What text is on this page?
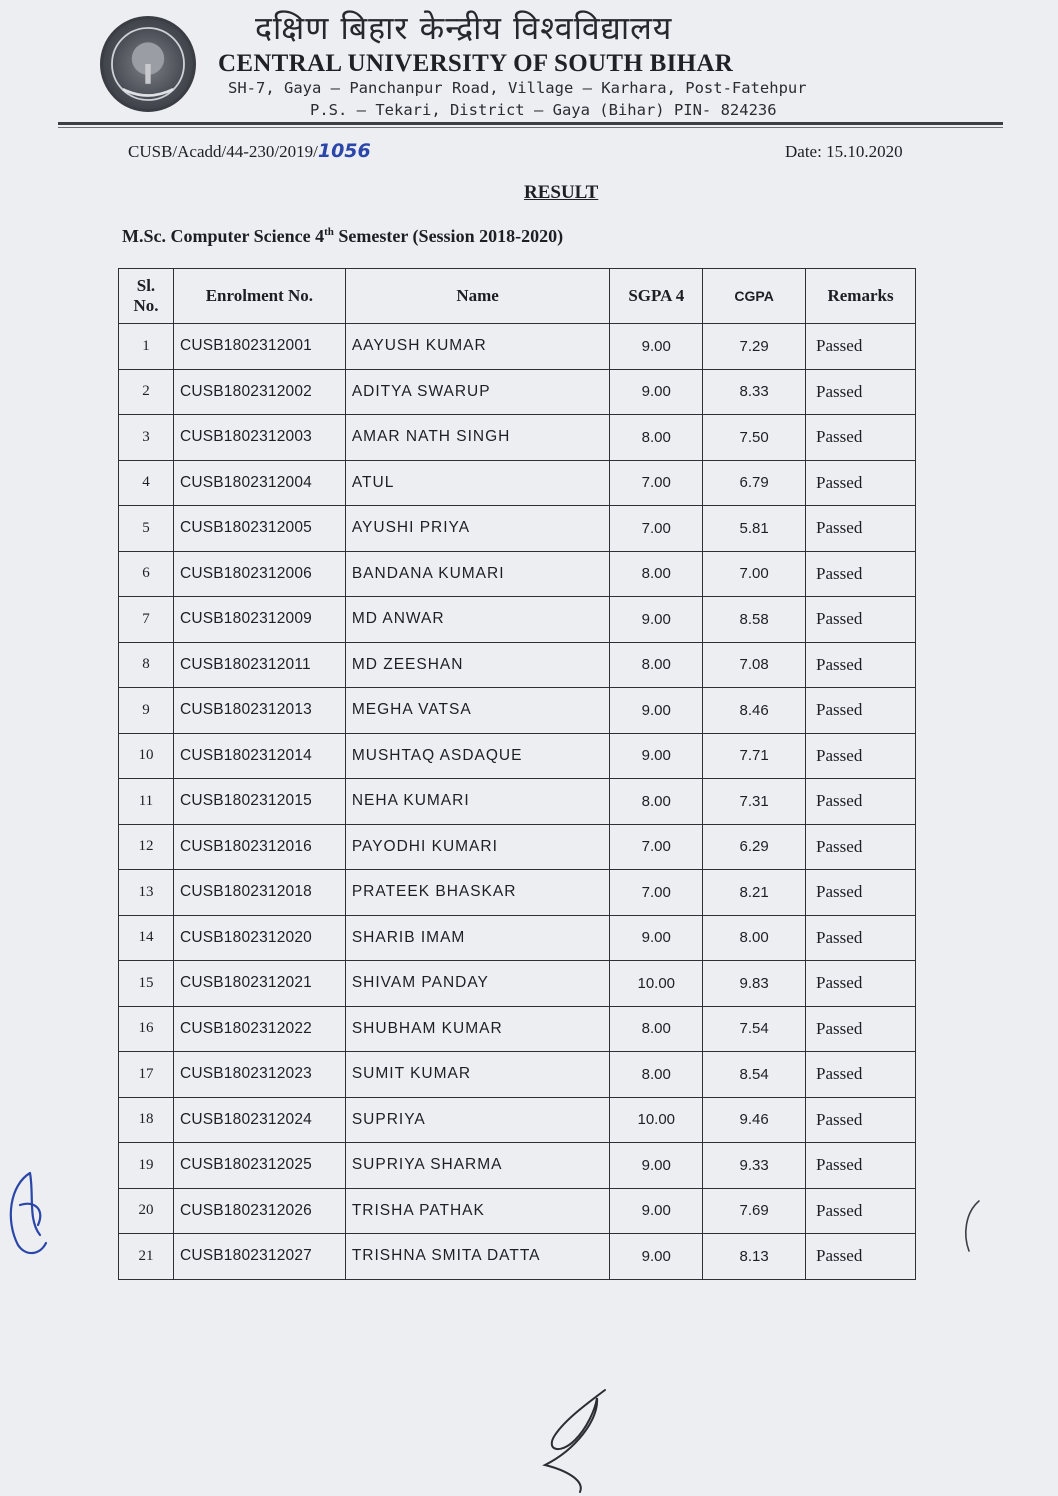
दक्षिण बिहार केन्द्रीय विश्वविद्यालय
CENTRAL UNIVERSITY OF SOUTH BIHAR
SH-7, Gaya – Panchanpur Road, Village – Karhara, Post-Fatehpur
P.S. – Tekari, District – Gaya (Bihar) PIN- 824236
CUSB/Acadd/44-230/2019/1056	Date: 15.10.2020
RESULT
M.Sc. Computer Science 4th Semester (Session 2018-2020)
Sl.
No.	Enrolment No.	Name	SGPA 4	CGPA	Remarks
1	CUSB1802312001	AAYUSH KUMAR	9.00	7.29	Passed
2	CUSB1802312002	ADITYA SWARUP	9.00	8.33	Passed
3	CUSB1802312003	AMAR NATH SINGH	8.00	7.50	Passed
4	CUSB1802312004	ATUL	7.00	6.79	Passed
5	CUSB1802312005	AYUSHI PRIYA	7.00	5.81	Passed
6	CUSB1802312006	BANDANA KUMARI	8.00	7.00	Passed
7	CUSB1802312009	MD ANWAR	9.00	8.58	Passed
8	CUSB1802312011	MD ZEESHAN	8.00	7.08	Passed
9	CUSB1802312013	MEGHA VATSA	9.00	8.46	Passed
10	CUSB1802312014	MUSHTAQ ASDAQUE	9.00	7.71	Passed
11	CUSB1802312015	NEHA KUMARI	8.00	7.31	Passed
12	CUSB1802312016	PAYODHI KUMARI	7.00	6.29	Passed
13	CUSB1802312018	PRATEEK BHASKAR	7.00	8.21	Passed
14	CUSB1802312020	SHARIB IMAM	9.00	8.00	Passed
15	CUSB1802312021	SHIVAM PANDAY	10.00	9.83	Passed
16	CUSB1802312022	SHUBHAM KUMAR	8.00	7.54	Passed
17	CUSB1802312023	SUMIT KUMAR	8.00	8.54	Passed
18	CUSB1802312024	SUPRIYA	10.00	9.46	Passed
19	CUSB1802312025	SUPRIYA SHARMA	9.00	9.33	Passed
20	CUSB1802312026	TRISHA PATHAK	9.00	7.69	Passed
21	CUSB1802312027	TRISHNA SMITA DATTA	9.00	8.13	Passed
